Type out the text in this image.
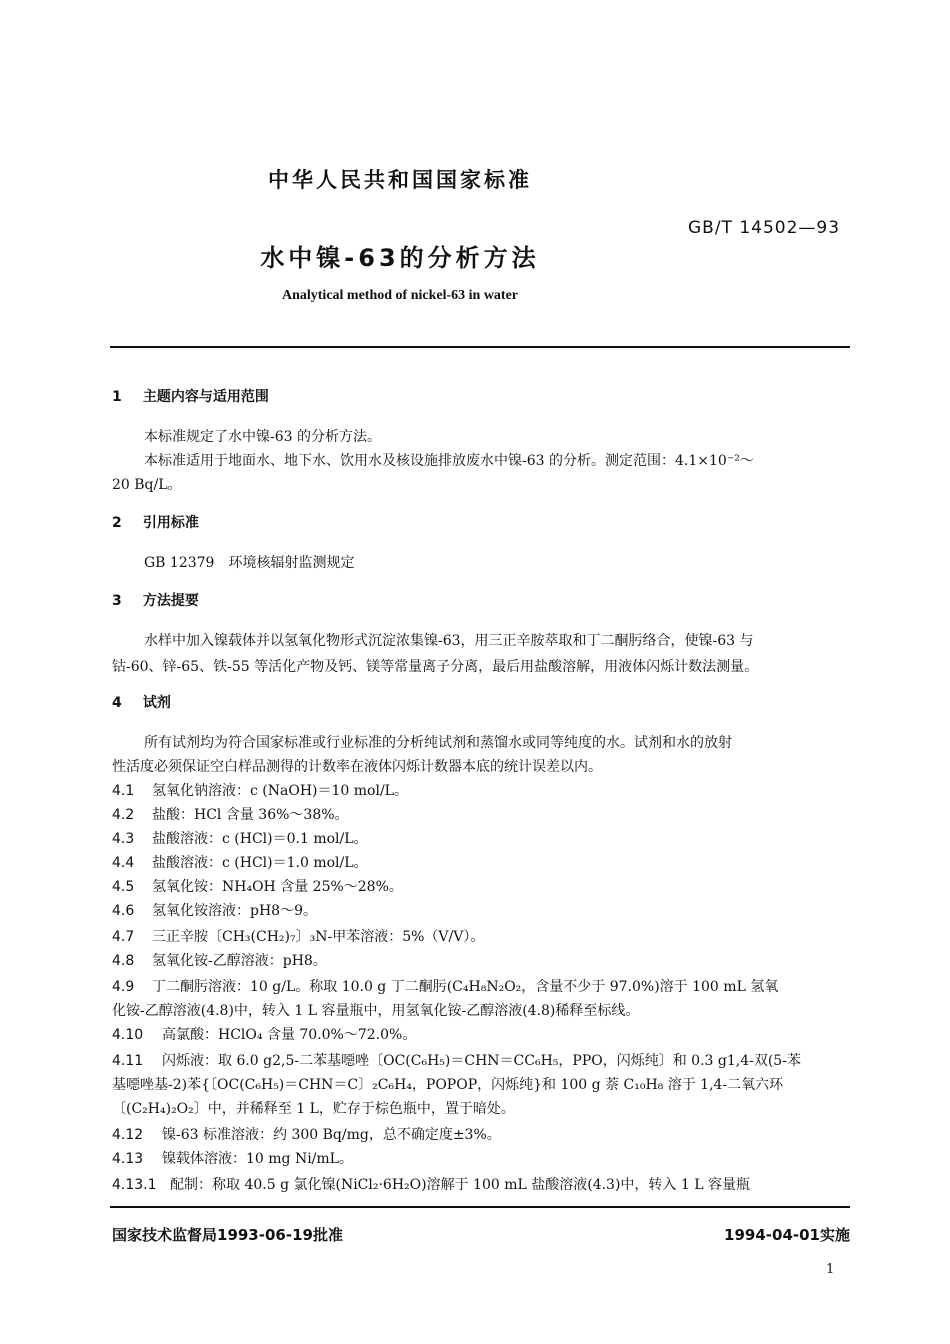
中华人民共和国国家标准
GB/T 14502—93
水中镍-63的分析方法
Analytical method of nickel-63 in water
1 主题内容与适用范围
本标准规定了水中镍-63 的分析方法。
本标准适用于地面水、地下水、饮用水及核设施排放废水中镍-63 的分析。测定范围：4.1×10⁻²～
20 Bq/L。
2 引用标准
GB 12379　环境核辐射监测规定
3 方法提要
水样中加入镍载体并以氢氧化物形式沉淀浓集镍-63，用三正辛胺萃取和丁二酮肟络合，使镍-63 与
钴-60、锌-65、铁-55 等活化产物及钙、镁等常量离子分离，最后用盐酸溶解，用液体闪烁计数法测量。
4 试剂
所有试剂均为符合国家标准或行业标准的分析纯试剂和蒸馏水或同等纯度的水。试剂和水的放射
性活度必须保证空白样品测得的计数率在液体闪烁计数器本底的统计误差以内。
4.1 氢氧化钠溶液：c (NaOH)＝10 mol/L。
4.2 盐酸：HCl 含量 36%～38%。
4.3 盐酸溶液：c (HCl)＝0.1 mol/L。
4.4 盐酸溶液：c (HCl)＝1.0 mol/L。
4.5 氢氧化铵：NH₄OH 含量 25%～28%。
4.6 氢氧化铵溶液：pH8～9。
4.7 三正辛胺〔CH₃(CH₂)₇〕₃N-甲苯溶液：5%（V/V）。
4.8 氢氧化铵-乙醇溶液：pH8。
4.9 丁二酮肟溶液：10 g/L。称取 10.0 g 丁二酮肟(C₄H₈N₂O₂，含量不少于 97.0%)溶于 100 mL 氢氧
化铵-乙醇溶液(4.8)中，转入 1 L 容量瓶中，用氢氧化铵-乙醇溶液(4.8)稀释至标线。
4.10 高氯酸：HClO₄ 含量 70.0%～72.0%。
4.11 闪烁液：取 6.0 g2,5-二苯基噁唑〔OC(C₆H₅)＝CHN＝CC₆H₅，PPO，闪烁纯〕和 0.3 g1,4-双(5-苯
基噁唑基-2)苯{〔OC(C₆H₅)＝CHN＝C〕₂C₆H₄，POPOP，闪烁纯}和 100 g 萘 C₁₀H₈ 溶于 1,4-二氧六环
〔(C₂H₄)₂O₂〕中，并稀释至 1 L，贮存于棕色瓶中，置于暗处。
4.12 镍-63 标准溶液：约 300 Bq/mg，总不确定度±3%。
4.13 镍载体溶液：10 mg Ni/mL。
4.13.1 配制：称取 40.5 g 氯化镍(NiCl₂·6H₂O)溶解于 100 mL 盐酸溶液(4.3)中，转入 1 L 容量瓶
国家技术监督局1993-06-19批准	1994-04-01实施
1
